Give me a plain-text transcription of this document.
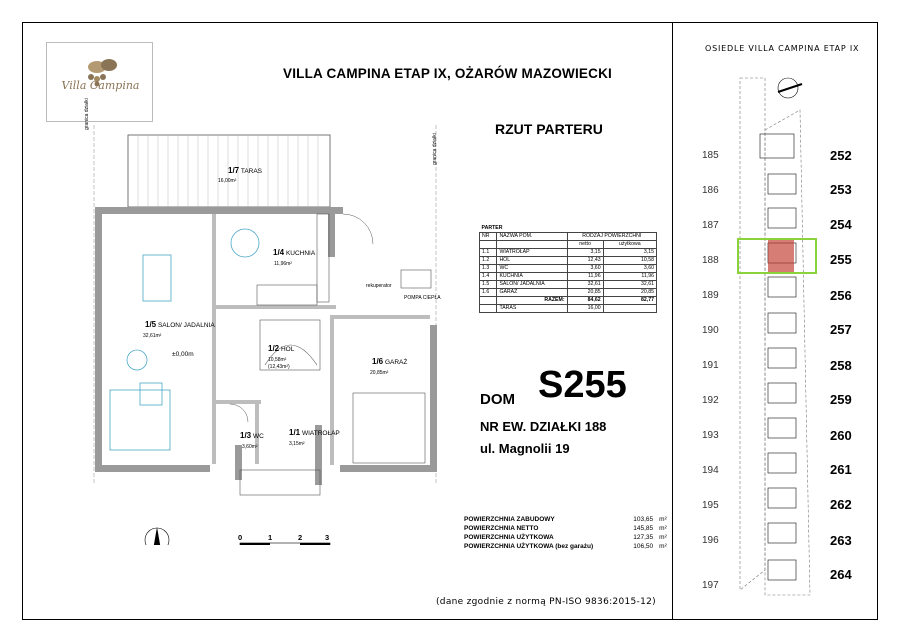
Villa Campina
VILLA CAMPINA ETAP IX, OŻARÓW MAZOWIECKI
RZUT PARTERU
1/7 TARAS
16,00m²
1/4 KUCHNIA
11,96m²
1/5 SALON/ JADALNIA
32,61m²
±0,00m
1/2 HOL
10,58m²
(12,43m²)
1/3 WC
3,60m²
1/1 WIATROŁAP
3,15m²
1/6 GARAŻ
20,85m²
rekuperator
POMPA CIEPŁA
granica działki
granica działki
0	1	2	3
PARTER			
NR	NAZWA POM.	RODZAJ POWIERZCHNI	
		netto	użytkowa
1.1	WIATROŁAP	3,15	3,15
1.2	HOL	12,43	10,58
1.3	WC	3,60	3,60
1.4	KUCHNIA	11,96	11,96
1.5	SALON/ JADALNIA	32,61	32,61
1.6	GARAŻ	20,85	20,85
	RAZEM:	84,62	82,77
	TARAS	16,00	
DOM S255
NR EW. DZIAŁKI 188
ul. Magnolii 19
POWIERZCHNIA ZABUDOWY	103,65	m²
POWIERZCHNIA NETTO	145,85	m²
POWIERZCHNIA UŻYTKOWA	127,35	m²
POWIERZCHNIA UŻYTKOWA (bez garażu)	106,50	m²
(dane zgodnie z normą PN-ISO 9836:2015-12)
OSIEDLE VILLA CAMPINA ETAP IX
185
186
187
188
189
190
191
192
193
194
195
196
197
252
253
254
255
256
257
258
259
260
261
262
263
264
